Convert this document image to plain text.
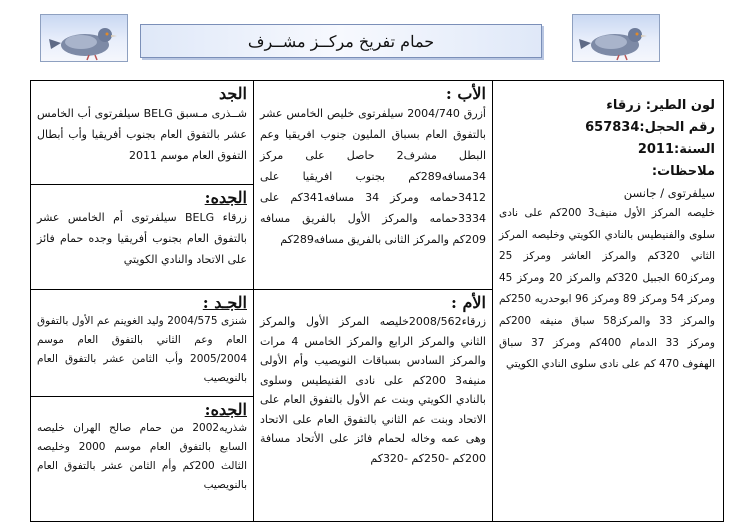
حمام تفريخ مركــز مشــرف
لون الطير: زرقاء
رقم الحجل:657834
السنة:2011
ملاحظات:
سيلفرتوى / جانسن
خليصه المركز الأول منيف3 200كم على نادى سلوى والفنيطيس بالنادي الكويتي وخليصه المركز الثاني 320كم والمركز العاشر ومركز 25 ومركز60 الجبيل 320كم والمركز 20 ومركز 45 ومركز 54 ومركز 89 ومركز 96 ابوحدريه 250كم والمركز 33 والمركز58 سباق منيفه 200كم ومركز 33 الدمام 400كم ومركز 37 سباق الهفوف 470 كم على نادى سلوى النادي الكويتي
الأب :
أزرق 2004/740 سيلفرتوى خليص الخامس عشر بالتفوق العام بسباق المليون جنوب افريقيا وعم البطل مشرف2 حاصل على مركز 34مسافه289كم بجنوب افريقيا على 3412حمامه ومركز 34 مسافه341كم على 3334حمامه والمركز الأول بالفريق مسافه 209كم والمركز الثانى بالفريق مسافه289كم
الأم :
زرقاء2008/562خليصه المركز الأول والمركز الثاني والمركز الرابع والمركز الخامس 4 مرات والمركز السادس بسباقات النويصيب وأم الأولى منيفه3 200كم على نادى الفنيطيس وسلوى بالنادي الكويتي وبنت عم الأول بالتفوق العام على الاتحاد وبنت عم الثاني بالتفوق العام على الاتحاد وهى عمه وخاله لحمام فائز على الأتحاد مسافة 200كم -250كم -320كم
الجد
شــذرى مـسبق BELG سيلفرتوى أب الخامس عشر بالتفوق العام بجنوب أفريقيا وأب أبطال التفوق العام موسم 2011
الجده:
زرقاء BELG سيلفرتوى أم الخامس عشر بالتفوق العام بجنوب أفريقيا وجده حمام فائز على الاتحاد والنادي الكويتي
الجـد :
شنزى 2004/575 وليد الغوينم عم الأول بالتفوق العام وعم الثاني بالتفوق العام موسم 2005/2004 وأب الثامن عشر بالتفوق العام بالنويصيب
الجده:
شذريه2002 من حمام صالح الهران خليصه السابع بالتفوق العام موسم 2000 وخليصه الثالث 200كم وأم الثامن عشر بالتفوق العام بالنويصيب
